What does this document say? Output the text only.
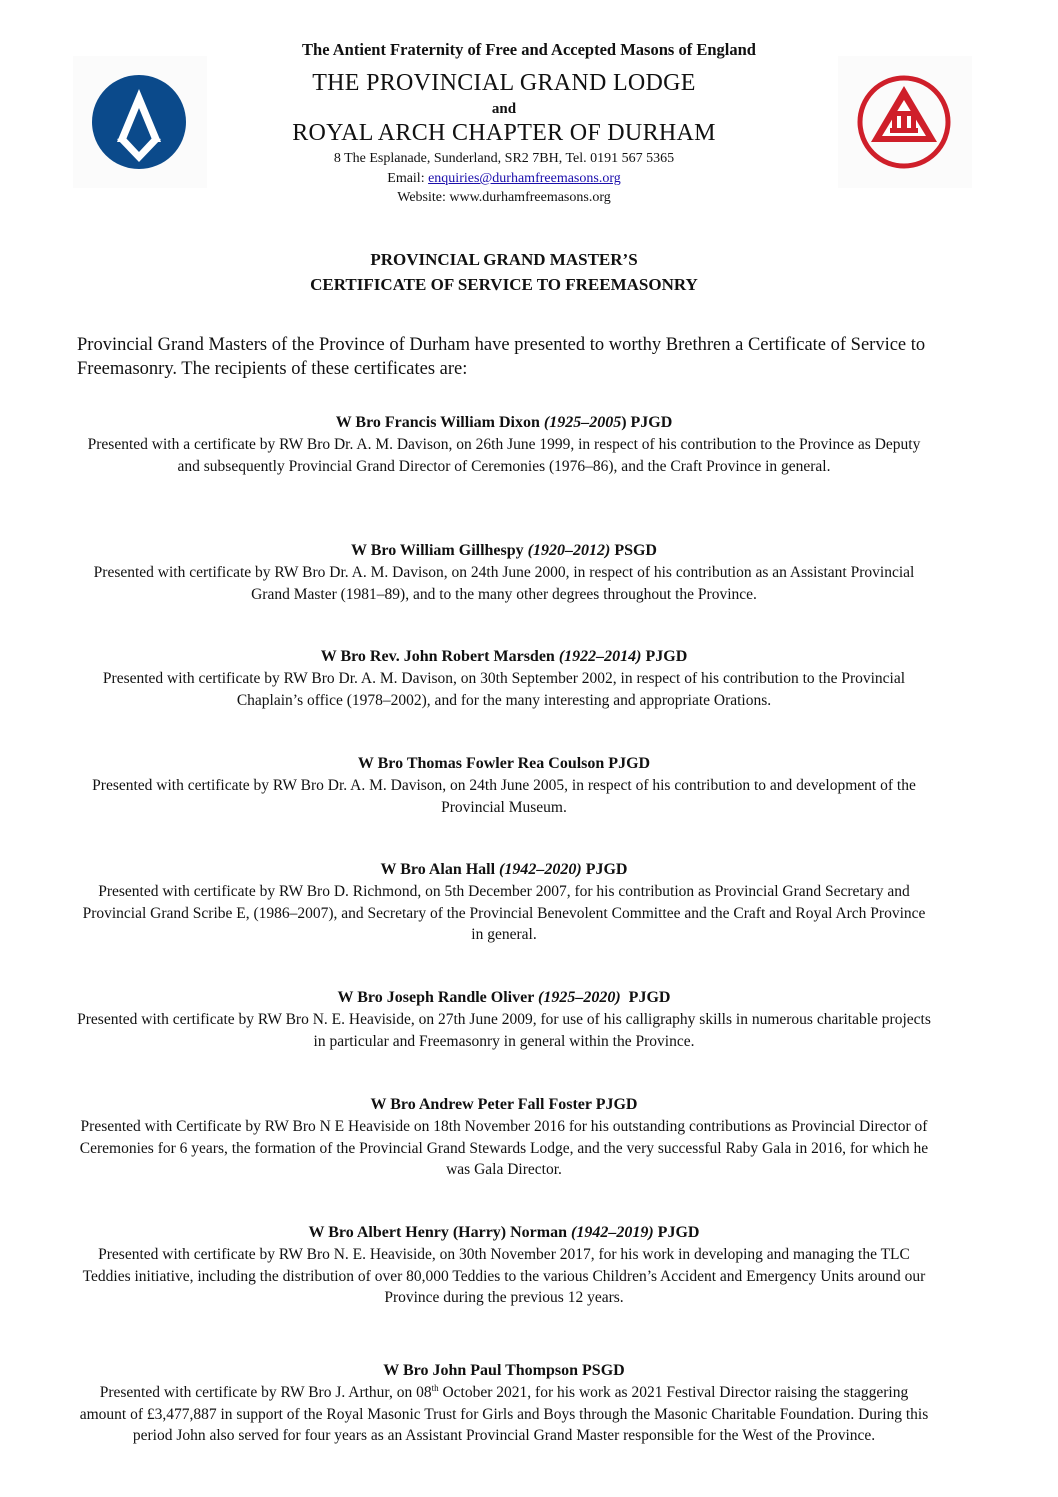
The Antient Fraternity of Free and Accepted Masons of England
THE PROVINCIAL GRAND LODGE
and
ROYAL ARCH CHAPTER OF DURHAM
8 The Esplanade, Sunderland, SR2 7BH, Tel. 0191 567 5365
Email: enquiries@durhamfreemasons.org
Website: www.durhamfreemasons.org
PROVINCIAL GRAND MASTER’S
CERTIFICATE OF SERVICE TO FREEMASONRY
Provincial Grand Masters of the Province of Durham have presented to worthy Brethren a Certificate of Service to Freemasonry. The recipients of these certificates are:
W Bro Francis William Dixon (1925–2005) PJGD
Presented with a certificate by RW Bro Dr. A. M. Davison, on 26th June 1999, in respect of his contribution to the Province as Deputy and subsequently Provincial Grand Director of Ceremonies (1976‒86), and the Craft Province in general.
W Bro William Gillhespy (1920–2012) PSGD
Presented with certificate by RW Bro Dr. A. M. Davison, on 24th June 2000, in respect of his contribution as an Assistant Provincial Grand Master (1981‒89), and to the many other degrees throughout the Province.
W Bro Rev. John Robert Marsden (1922–2014) PJGD
Presented with certificate by RW Bro Dr. A. M. Davison, on 30th September 2002, in respect of his contribution to the Provincial Chaplain’s office (1978‒2002), and for the many interesting and appropriate Orations.
W Bro Thomas Fowler Rea Coulson PJGD
Presented with certificate by RW Bro Dr. A. M. Davison, on 24th June 2005, in respect of his contribution to and development of the Provincial Museum.
W Bro Alan Hall (1942–2020) PJGD
Presented with certificate by RW Bro D. Richmond, on 5th December 2007, for his contribution as Provincial Grand Secretary and Provincial Grand Scribe E, (1986‒2007), and Secretary of the Provincial Benevolent Committee and the Craft and Royal Arch Province in general.
W Bro Joseph Randle Oliver (1925–2020)  PJGD
Presented with certificate by RW Bro N. E. Heaviside, on 27th June 2009, for use of his calligraphy skills in numerous charitable projects in particular and Freemasonry in general within the Province.
W Bro Andrew Peter Fall Foster PJGD
Presented with Certificate by RW Bro N E Heaviside on 18th November 2016 for his outstanding contributions as Provincial Director of Ceremonies for 6 years, the formation of the Provincial Grand Stewards Lodge, and the very successful Raby Gala in 2016, for which he was Gala Director.
W Bro Albert Henry (Harry) Norman (1942–2019) PJGD
Presented with certificate by RW Bro N. E. Heaviside, on 30th November 2017, for his work in developing and managing the TLC Teddies initiative, including the distribution of over 80,000 Teddies to the various Children’s Accident and Emergency Units around our Province during the previous 12 years.
W Bro John Paul Thompson PSGD
Presented with certificate by RW Bro J. Arthur, on 08th October 2021, for his work as 2021 Festival Director raising the staggering amount of £3,477,887 in support of the Royal Masonic Trust for Girls and Boys through the Masonic Charitable Foundation. During this period John also served for four years as an Assistant Provincial Grand Master responsible for the West of the Province.
